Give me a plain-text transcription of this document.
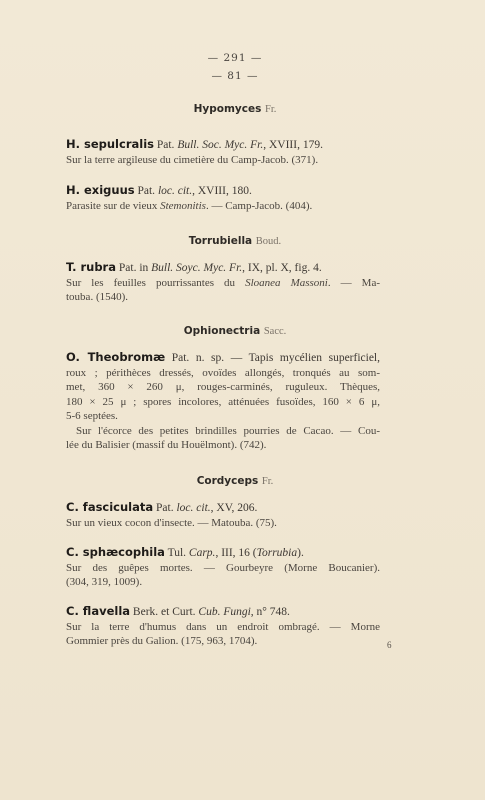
— 291 —
— 81 —
Hypomyces Fr.
H. sepulcralis Pat. Bull. Soc. Myc. Fr., XVIII, 179.
Sur la terre argileuse du cimetière du Camp-Jacob. (371).
H. exiguus Pat. loc. cit., XVIII, 180.
Parasite sur de vieux Stemonitis. — Camp-Jacob. (404).
Torrubiella Boud.
T. rubra Pat. in Bull. Soyc. Myc. Fr., IX, pl. X, fig. 4.
Sur les feuilles pourrissantes du Sloanea Massoni. — Ma-
touba. (1540).
Ophionectria Sacc.
O. Theobromæ Pat. n. sp. — Tapis mycélien superficiel,
roux ; périthèces dressés, ovoïdes allongés, tronqués au som-
met, 360 × 260 μ, rouges-carminés, ruguleux. Thèques,
180 × 25 μ ; spores incolores, atténuées fusoïdes, 160 × 6 μ,
5-6 septées.
Sur l'écorce des petites brindilles pourries de Cacao. — Cou-
lée du Balisier (massif du Houëlmont). (742).
Cordyceps Fr.
C. fasciculata Pat. loc. cit., XV, 206.
Sur un vieux cocon d'insecte. — Matouba. (75).
C. sphæcophila Tul. Carp., III, 16 (Torrubia).
Sur des guêpes mortes. — Gourbeyre (Morne Boucanier).
(304, 319, 1009).
C. flavella Berk. et Curt. Cub. Fungi, n° 748.
Sur la terre d'humus dans un endroit ombragé. — Morne
Gommier près du Galion. (175, 963, 1704).	6
